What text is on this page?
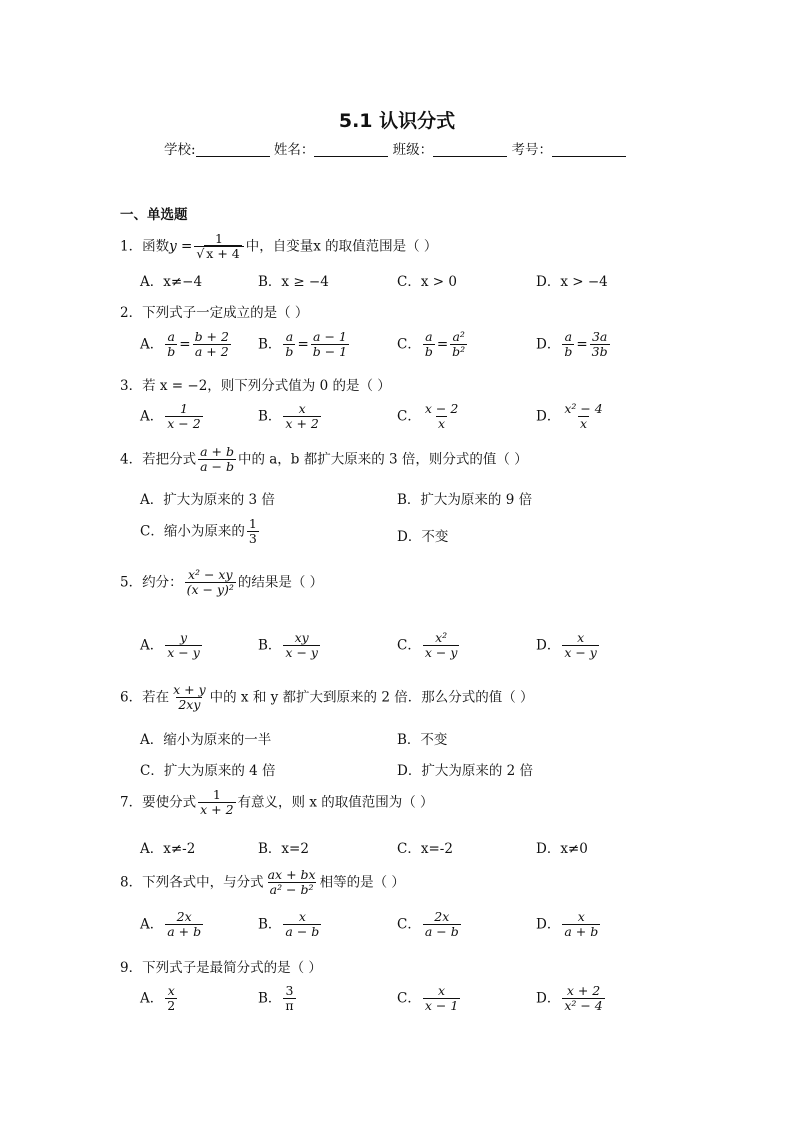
5.1 认识分式
学校:	姓名：	班级：	考号：
一、单选题
1．函数$y = \frac{1}{√ x + 4}$ 中，自变量x 的取值范围是（ ）
A．x≠−4	B．x ≥ −4	C．x > 0	D．x > −4
2．下列式子一定成立的是（ ）
A． $\frac{a}{b} = \frac{b + 2}{a + 2}$ B． $\frac{a}{b} = \frac{a - 1}{b - 1}$	C． $\frac{a}{b} = \frac{\text{a²}}{\text{b²}}$	D． $\frac{a}{b} = \frac{3a}{3b}$
3．若 x = −2，则下列分式值为 0 的是（ ）
A． $\frac{1}{x - 2}$	B． $\frac{x}{x + 2}$	C． $\frac{x - 2}{x}$	D． $\frac{\text{x² − 4}}{x}$
4．若把分式 $\frac{a + b}{a - b}$ 中的 a，b 都扩大原来的 3 倍，则分式的值（ ）
A．扩大为原来的 3 倍	B．扩大为原来的 9 倍
C．缩小为原来的 $\frac{1}{3}$	D．不变
5．约分： $\frac{\text{x² − xy}}{\text{(x − y)²}}$ 的结果是（ ）
A． $\frac{y}{x - y}$	B． $\frac{xy}{x - y}$	C． $\frac{\text{x²}}{x - y}$	D． $\frac{x}{x - y}$
6．若在 $\frac{x + y}{2xy}$ 中的 x 和 y 都扩大到原来的 2 倍．那么分式的值（ ）
A．缩小为原来的一半	B．不变
C．扩大为原来的 4 倍	D．扩大为原来的 2 倍
7．要使分式 $\frac{1}{x + 2}$ 有意义，则 x 的取值范围为（ ）
A．x≠-2	B．x=2	C．x=-2	D．x≠0
8．下列各式中，与分式 $\frac{ax + bx}{\text{a² − b²}}$ 相等的是（ ）
A． $\frac{2x}{a + b}$	B． $\frac{x}{a - b}$	C． $\frac{2x}{a - b}$	D． $\frac{x}{a + b}$
9．下列式子是最简分式的是（ ）
A． $\frac{x}{2}$	B． $\frac{3}{\pi}$	C． $\frac{x}{x - 1}$	D． $\frac{x + 2}{\text{x² − 4}}$
